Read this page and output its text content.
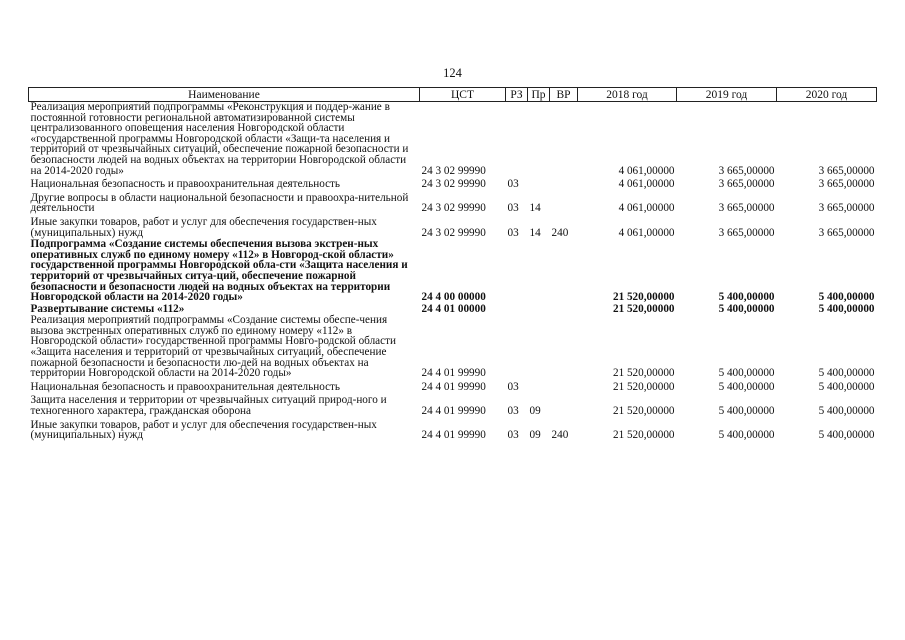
124
Наименование	ЦСТ	РЗ	Пр	ВР	2018 год	2019 год	2020 год
Реализация мероприятий подпрограммы «Реконструкция и поддер-жание в постоянной готовности региональной автоматизированной системы централизованного оповещения населения Новгородской области «государственной программы Новгородской области «Защи-та населения и территорий от чрезвычайных ситуаций, обеспечение пожарной безопасности и безопасности людей на водных объектах на территории Новгородской области на 2014-2020 годы»	24 3 02 99990				4 061,00000	3 665,00000	3 665,00000
Национальная безопасность и правоохранительная деятельность	24 3 02 99990	03			4 061,00000	3 665,00000	3 665,00000
Другие вопросы в области национальной безопасности и правоохра-нительной деятельности	24 3 02 99990	03	14		4 061,00000	3 665,00000	3 665,00000
Иные закупки товаров, работ и услуг для обеспечения государствен-ных (муниципальных) нужд	24 3 02 99990	03	14	240	4 061,00000	3 665,00000	3 665,00000
Подпрограмма «Создание системы обеспечения вызова экстрен-ных оперативных служб по единому номеру «112» в Новгород-ской области» государственной программы Новгородской обла-сти «Защита населения и территорий от чрезвычайных ситуа-ций, обеспечение пожарной безопасности и безопасности людей на водных объектах на территории Новгородской области на 2014-2020 годы»	24 4 00 00000				21 520,00000	5 400,00000	5 400,00000
Развертывание системы «112»	24 4 01 00000				21 520,00000	5 400,00000	5 400,00000
Реализация мероприятий подпрограммы «Создание системы обеспе-чения вызова экстренных оперативных служб по единому номеру «112» в Новгородской области» государственной программы Новго-родской области «Защита населения и территорий от чрезвычайных ситуаций, обеспечение пожарной безопасности и безопасности лю-дей на водных объектах на территории Новгородской области на 2014-2020 годы»	24 4 01 99990				21 520,00000	5 400,00000	5 400,00000
Национальная безопасность и правоохранительная деятельность	24 4 01 99990	03			21 520,00000	5 400,00000	5 400,00000
Защита населения и территории от чрезвычайных ситуаций природ-ного и техногенного характера, гражданская оборона	24 4 01 99990	03	09		21 520,00000	5 400,00000	5 400,00000
Иные закупки товаров, работ и услуг для обеспечения государствен-ных (муниципальных) нужд	24 4 01 99990	03	09	240	21 520,00000	5 400,00000	5 400,00000
